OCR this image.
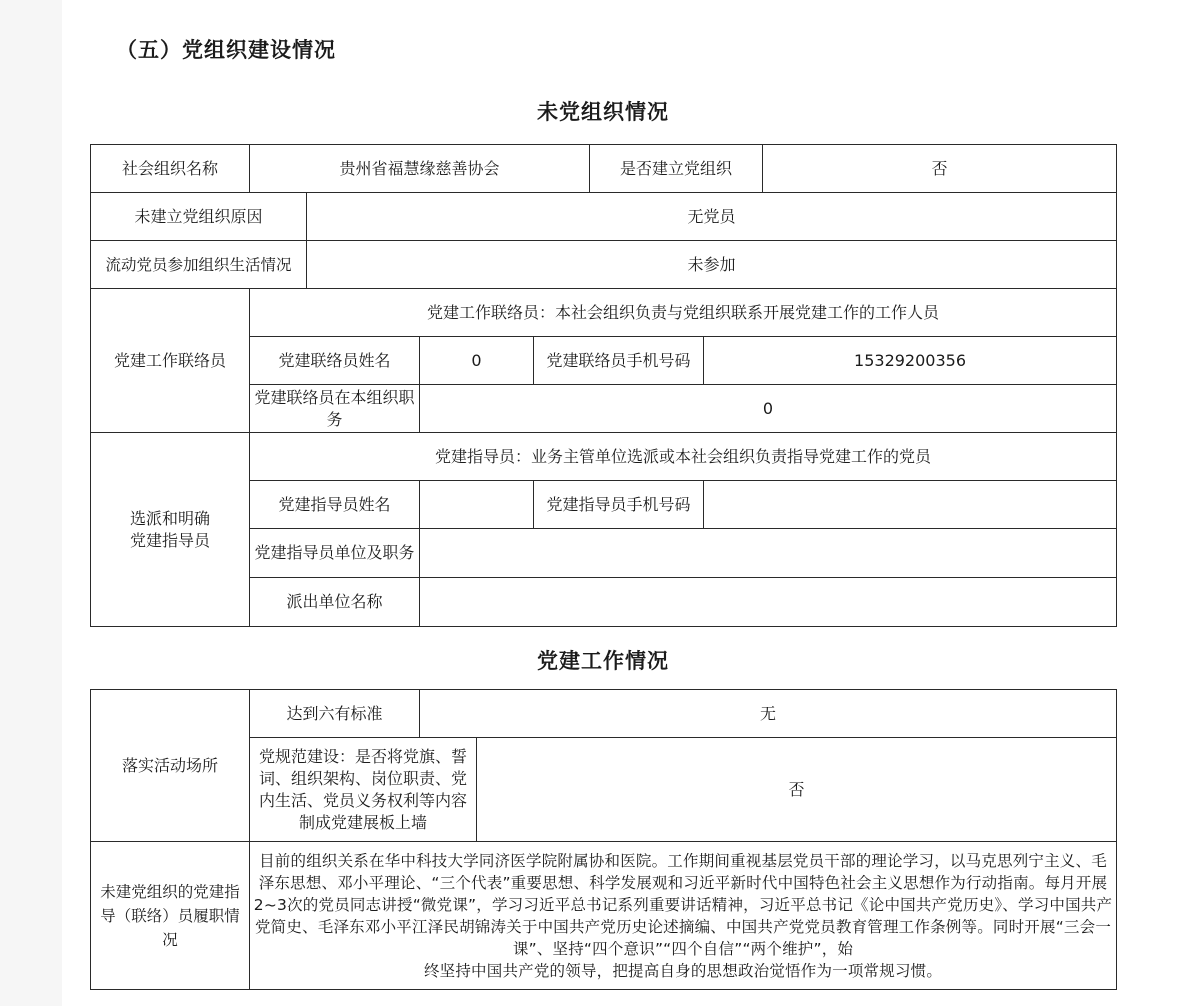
（五）党组织建设情况
未党组织情况
社会组织名称	贵州省福慧缘慈善协会				是否建立党组织		否
未建立党组织原因		无党员					
流动党员参加组织生活情况		未参加					
党建工作联络员	党建工作联络员：本社会组织负责与党组织联系开展党建工作的工作人员						
	党建联络员姓名		0	党建联络员手机号码		15329200356	
	党建联络员在本组织职务		0				
选派和明确
党建指导员	党建指导员：业务主管单位选派或本社会组织负责指导党建工作的党员						
	党建指导员姓名			党建指导员手机号码			
	党建指导员单位及职务						
	派出单位名称						
党建工作情况
落实活动场所	达到六有标准	无	
	党规范建设：是否将党旗、誓词、组织架构、岗位职责、党内生活、党员义务权利等内容制成党建展板上墙		否
未建党组织的党建指导（联络）员履职情况	目前的组织关系在华中科技大学同济医学院附属协和医院。工作期间重视基层党员干部的理论学习，以马克思列宁主义、毛泽东思想、邓小平理论、“三个代表”重要思想、科学发展观和习近平新时代中国特色社会主义思想作为行动指南。每月开展2~3次的党员同志讲授“微党课”，学习习近平总书记系列重要讲话精神，习近平总书记《论中国共产党历史》、学习中国共产党简史、毛泽东邓小平江泽民胡锦涛关于中国共产党历史论述摘编、中国共产党党员教育管理工作条例等。同时开展“三会一课”、坚持“四个意识”“四个自信”“两个维护”，始
终坚持中国共产党的领导，把提高自身的思想政治觉悟作为一项常规习惯。		
